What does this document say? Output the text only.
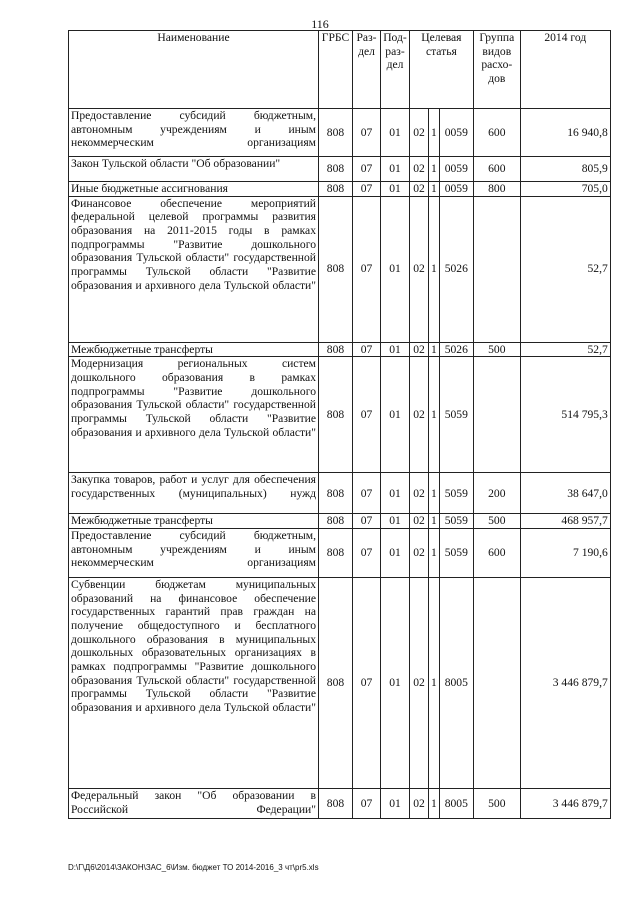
116
Наименование	ГРБС	Раз-дел	Под-раз-дел	Целевая статья			Группа видов расхо-дов	2014 год
Предоставление субсидий бюджетным, автономным учреждениям и иным некоммерческим организациям	808	07	01	02	1	0059	600	16 940,8
Закон Тульской области "Об образовании"	808	07	01	02	1	0059	600	805,9
Иные бюджетные ассигнования	808	07	01	02	1	0059	800	705,0
Финансовое обеспечение мероприятий федеральной целевой программы развития образования на 2011-2015 годы в рамках подпрограммы "Развитие дошкольного образования Тульской области" государственной программы Тульской области "Развитие образования и архивного дела Тульской области"	808	07	01	02	1	5026		52,7
Межбюджетные трансферты	808	07	01	02	1	5026	500	52,7
Модернизация региональных систем дошкольного образования в рамках подпрограммы "Развитие дошкольного образования Тульской области" государственной программы Тульской области "Развитие образования и архивного дела Тульской области"	808	07	01	02	1	5059		514 795,3
Закупка товаров, работ и услуг для обеспечения государственных (муниципальных) нужд	808	07	01	02	1	5059	200	38 647,0
Межбюджетные трансферты	808	07	01	02	1	5059	500	468 957,7
Предоставление субсидий бюджетным, автономным учреждениям и иным некоммерческим организациям	808	07	01	02	1	5059	600	7 190,6
Субвенции бюджетам муниципальных образований на финансовое обеспечение государственных гарантий прав граждан на получение общедоступного и бесплатного дошкольного образования в муниципальных дошкольных образовательных организациях в рамках подпрограммы "Развитие дошкольного образования Тульской области" государственной программы Тульской области "Развитие образования и архивного дела Тульской области"	808	07	01	02	1	8005		3 446 879,7
Федеральный закон "Об образовании в Российской Федерации"	808	07	01	02	1	8005	500	3 446 879,7
D:\Г\Д6\2014\ЗАКОН\ЗАС_6\Изм. бюджет ТО 2014-2016_3 чт\pr5.xls
